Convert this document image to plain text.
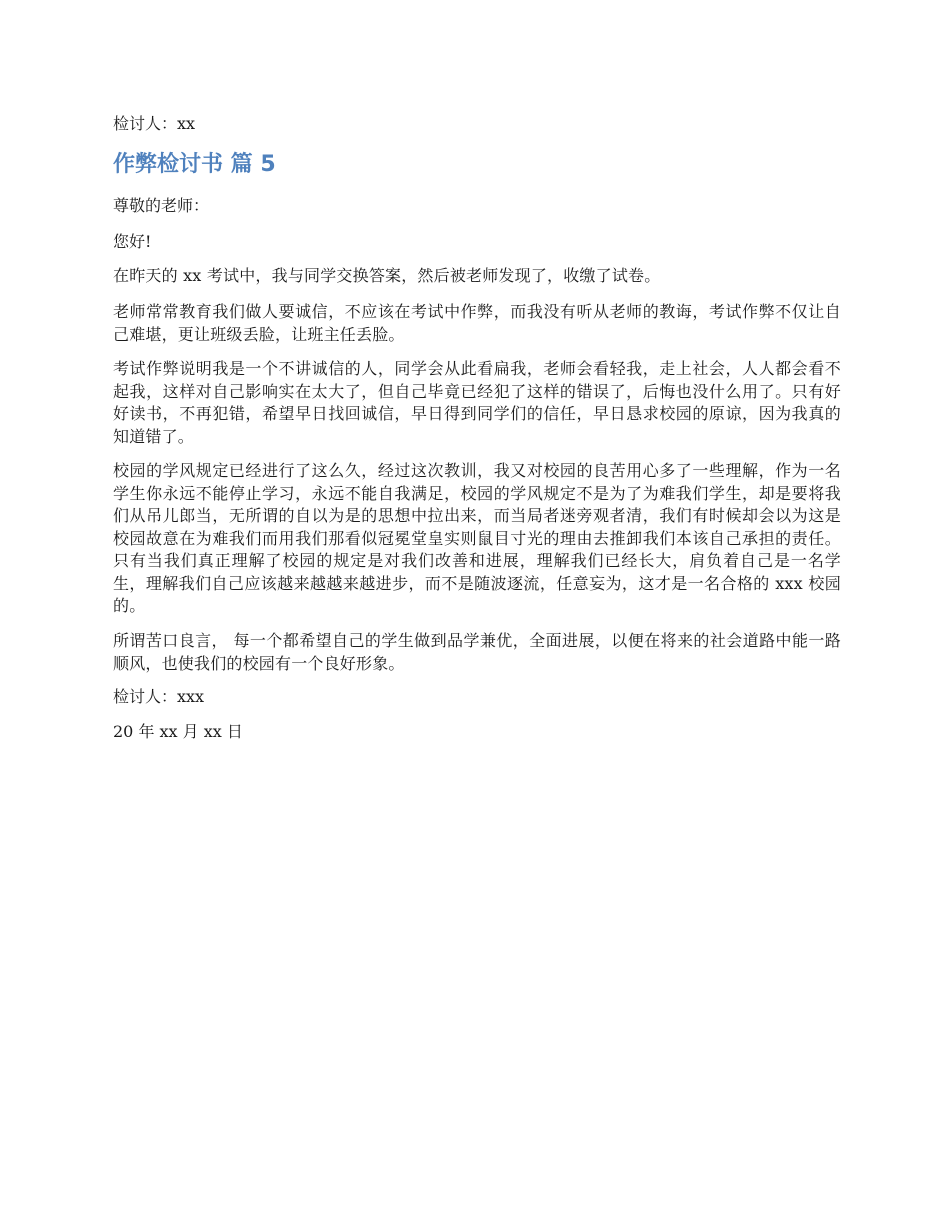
检讨人：xx
作弊检讨书 篇 5
尊敬的老师：
您好!
在昨天的 xx 考试中，我与同学交换答案，然后被老师发现了，收缴了试卷。
老师常常教育我们做人要诚信，不应该在考试中作弊，而我没有听从老师的教诲，考试作弊不仅让自己难堪，更让班级丢脸，让班主任丢脸。
考试作弊说明我是一个不讲诚信的人，同学会从此看扁我，老师会看轻我，走上社会，人人都会看不起我，这样对自己影响实在太大了，但自己毕竟已经犯了这样的错误了，后悔也没什么用了。只有好好读书，不再犯错，希望早日找回诚信，早日得到同学们的信任，早日恳求校园的原谅，因为我真的知道错了。
校园的学风规定已经进行了这么久，经过这次教训，我又对校园的良苦用心多了一些理解，作为一名学生你永远不能停止学习，永远不能自我满足，校园的学风规定不是为了为难我们学生，却是要将我们从吊儿郎当，无所谓的自以为是的思想中拉出来，而当局者迷旁观者清，我们有时候却会以为这是校园故意在为难我们而用我们那看似冠冕堂皇实则鼠目寸光的理由去推卸我们本该自己承担的责任。只有当我们真正理解了校园的规定是对我们改善和进展，理解我们已经长大，肩负着自己是一名学生，理解我们自己应该越来越越来越进步，而不是随波逐流，任意妄为，这才是一名合格的 xxx 校园的。
所谓苦口良言， 每一个都希望自己的学生做到品学兼优，全面进展，以便在将来的社会道路中能一路顺风，也使我们的校园有一个良好形象。
检讨人：xxx
20 年 xx 月 xx 日
